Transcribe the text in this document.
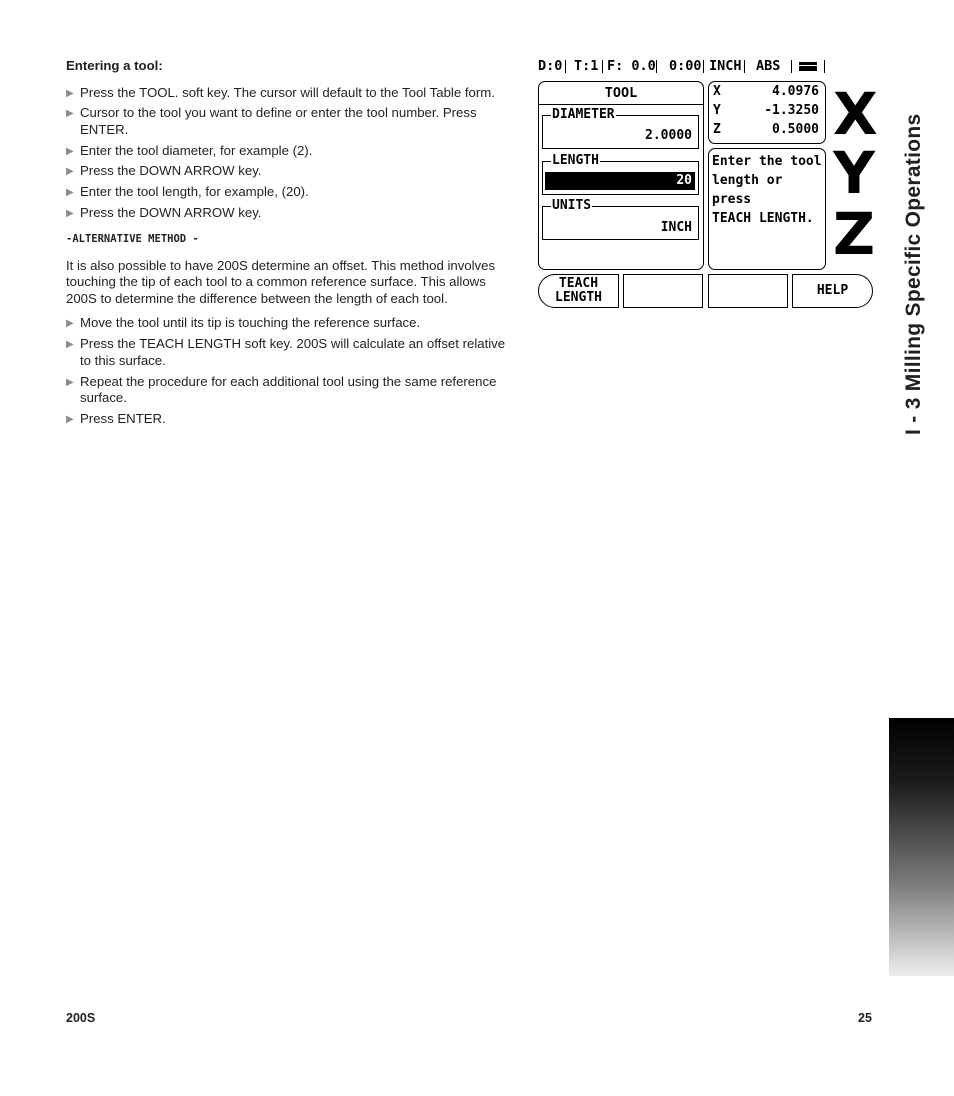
Entering a tool:
▶ Press the TOOL. soft key. The cursor will default to the Tool Table form.
▶ Cursor to the tool you want to define or enter the tool number. Press ENTER.
▶ Enter the tool diameter, for example (2).
▶ Press the DOWN ARROW key.
▶ Enter the tool length, for example, (20).
▶ Press the DOWN ARROW key.
-ALTERNATIVE METHOD -
It is also possible to have 200S determine an offset. This method involves touching the tip of each tool to a common reference surface. This allows 200S to determine the difference between the length of each tool.
▶ Move the tool until its tip is touching the reference surface.
▶ Press the TEACH LENGTH soft key. 200S will calculate an offset relative to this surface.
▶ Repeat the procedure for each additional tool using the same reference surface.
▶ Press ENTER.
D:0 T:1 F: 0.0 0:00 INCH ABS
TOOL
DIAMETER
2.0000
LENGTH
20
UNITS
INCH
X	4.0976
Y	-1.3250
Z	0.5000
Enter the tool
length or press
TEACH LENGTH.
X
Y
Z
TEACH
LENGTH	HELP	I - 3 Milling Specific Operations
200S	25
